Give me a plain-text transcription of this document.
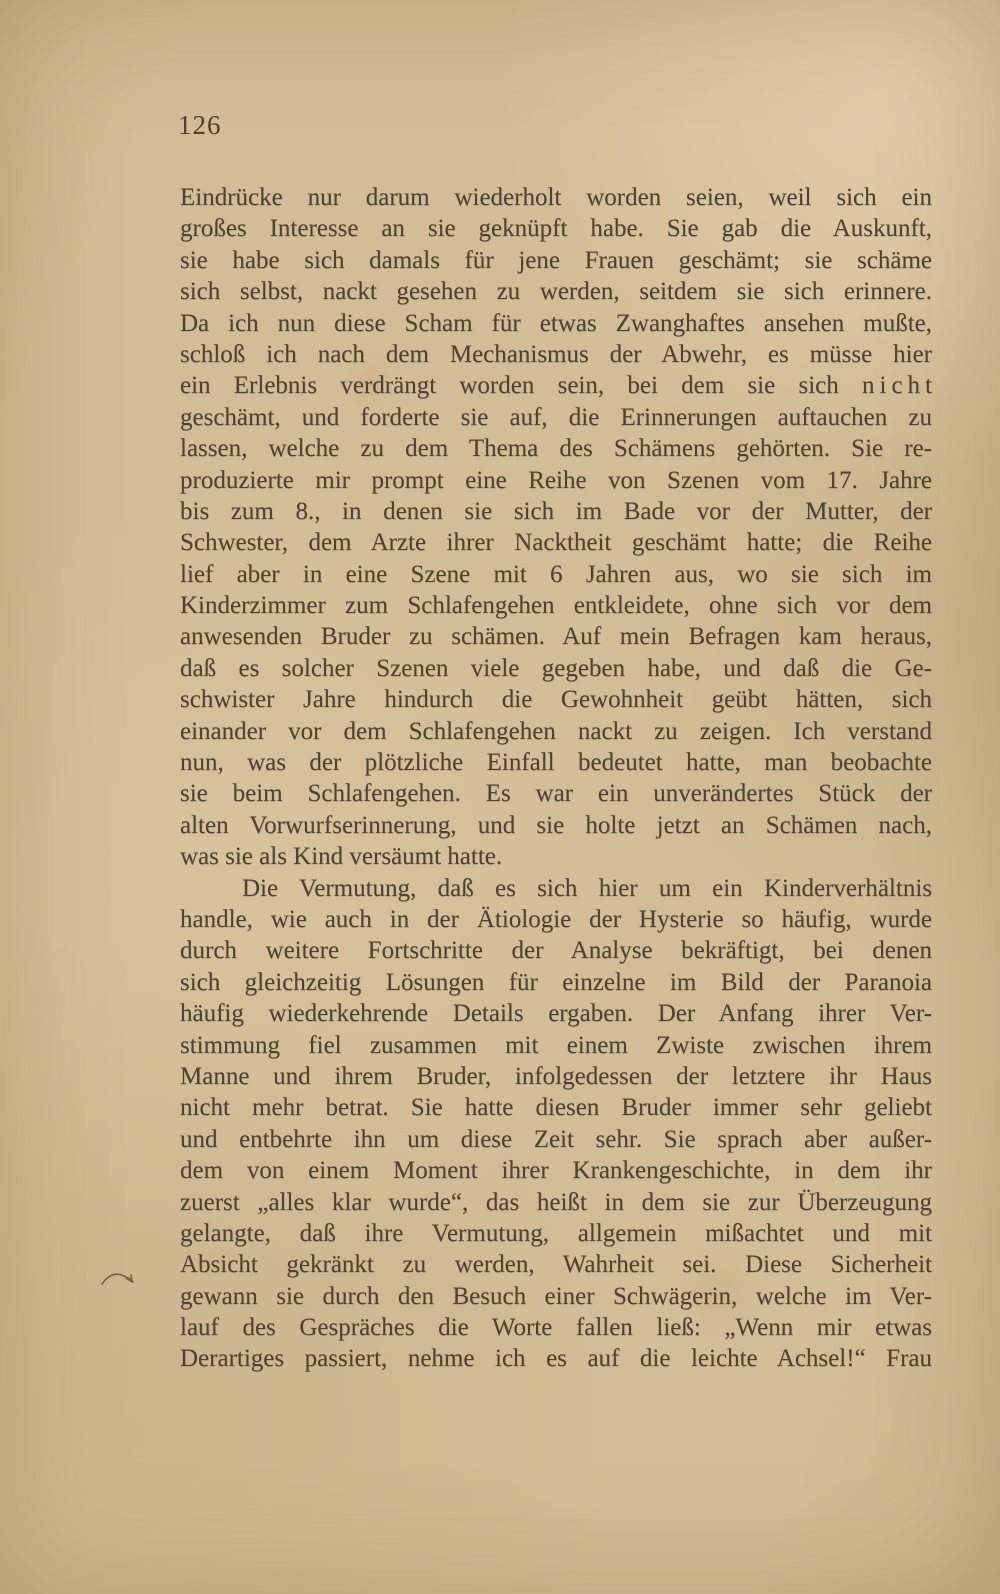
126
Eindrücke nur darum wiederholt worden seien, weil sich ein
großes Interesse an sie geknüpft habe. Sie gab die Auskunft,
sie habe sich damals für jene Frauen geschämt; sie schäme
sich selbst, nackt gesehen zu werden, seitdem sie sich erinnere.
Da ich nun diese Scham für etwas Zwanghaftes ansehen mußte,
schloß ich nach dem Mechanismus der Abwehr, es müsse hier
ein Erlebnis verdrängt worden sein, bei dem sie sich n i c h t
geschämt, und forderte sie auf, die Erinnerungen auftauchen zu
lassen, welche zu dem Thema des Schämens gehörten. Sie re-
produzierte mir prompt eine Reihe von Szenen vom 17. Jahre
bis zum 8., in denen sie sich im Bade vor der Mutter, der
Schwester, dem Arzte ihrer Nacktheit geschämt hatte; die Reihe
lief aber in eine Szene mit 6 Jahren aus, wo sie sich im
Kinderzimmer zum Schlafengehen entkleidete, ohne sich vor dem
anwesenden Bruder zu schämen. Auf mein Befragen kam heraus,
daß es solcher Szenen viele gegeben habe, und daß die Ge-
schwister Jahre hindurch die Gewohnheit geübt hätten, sich
einander vor dem Schlafengehen nackt zu zeigen. Ich verstand
nun, was der plötzliche Einfall bedeutet hatte, man beobachte
sie beim Schlafengehen. Es war ein unverändertes Stück der
alten Vorwurfserinnerung, und sie holte jetzt an Schämen nach,
was sie als Kind versäumt hatte.
Die Vermutung, daß es sich hier um ein Kinderverhältnis
handle, wie auch in der Ätiologie der Hysterie so häufig, wurde
durch weitere Fortschritte der Analyse bekräftigt, bei denen
sich gleichzeitig Lösungen für einzelne im Bild der Paranoia
häufig wiederkehrende Details ergaben. Der Anfang ihrer Ver-
stimmung fiel zusammen mit einem Zwiste zwischen ihrem
Manne und ihrem Bruder, infolgedessen der letztere ihr Haus
nicht mehr betrat. Sie hatte diesen Bruder immer sehr geliebt
und entbehrte ihn um diese Zeit sehr. Sie sprach aber außer-
dem von einem Moment ihrer Krankengeschichte, in dem ihr
zuerst „alles klar wurde“, das heißt in dem sie zur Überzeugung
gelangte, daß ihre Vermutung, allgemein mißachtet und mit
Absicht gekränkt zu werden, Wahrheit sei. Diese Sicherheit
gewann sie durch den Besuch einer Schwägerin, welche im Ver-
lauf des Gespräches die Worte fallen ließ: „Wenn mir etwas
Derartiges passiert, nehme ich es auf die leichte Achsel!“ Frau
